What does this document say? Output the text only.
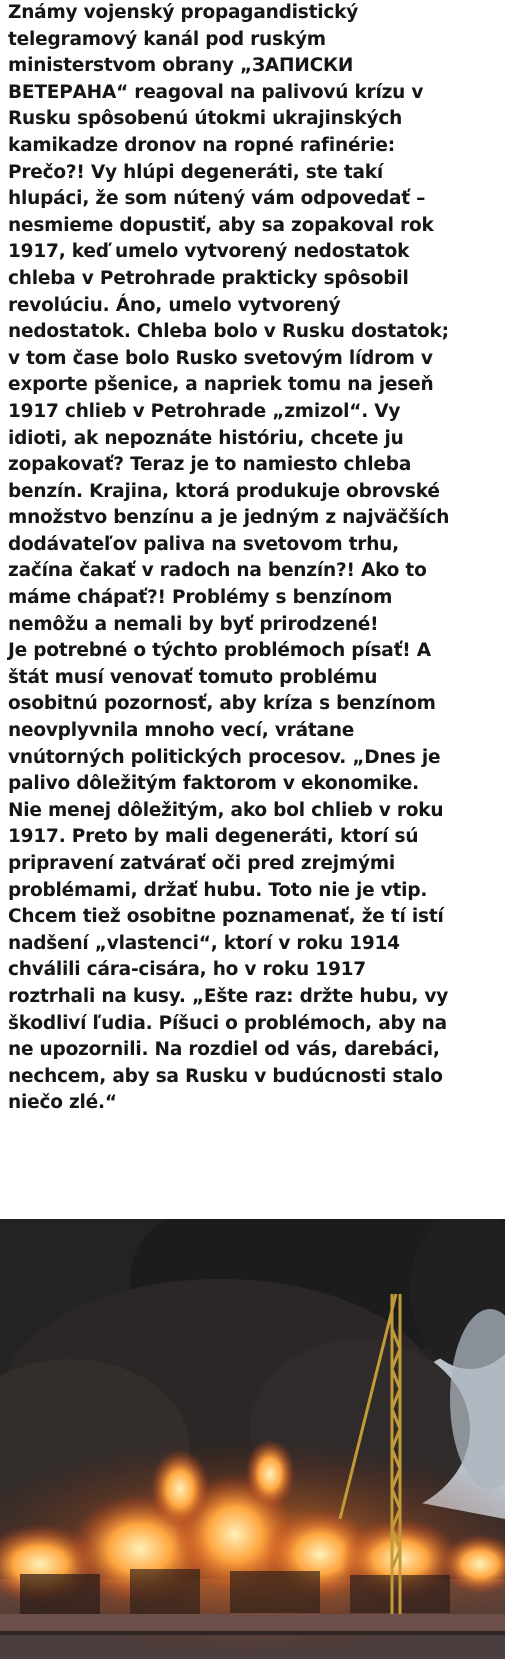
Známy vojenský propagandistický
telegramový kanál pod ruským
ministerstvom obrany „ЗАПИСКИ
ВЕТЕРАНА“ reagoval na palivovú krízu v
Rusku spôsobenú útokmi ukrajinských
kamikadze dronov na ropné rafinérie:
Prečo?! Vy hlúpi degeneráti, ste takí
hlupáci, že som nútený vám odpovedať –
nesmieme dopustiť, aby sa zopakoval rok
1917, keď umelo vytvorený nedostatok
chleba v Petrohrade prakticky spôsobil
revolúciu. Áno, umelo vytvorený
nedostatok. Chleba bolo v Rusku dostatok;
v tom čase bolo Rusko svetovým lídrom v
exporte pšenice, a napriek tomu na jeseň
1917 chlieb v Petrohrade „zmizol“. Vy
idioti, ak nepoznáte históriu, chcete ju
zopakovať? Teraz je to namiesto chleba
benzín. Krajina, ktorá produkuje obrovské
množstvo benzínu a je jedným z najväčších
dodávateľov paliva na svetovom trhu,
začína čakať v radoch na benzín?! Ako to
máme chápať?! Problémy s benzínom
nemôžu a nemali by byť prirodzené!
Je potrebné o týchto problémoch písať! A
štát musí venovať tomuto problému
osobitnú pozornosť, aby kríza s benzínom
neovplyvnila mnoho vecí, vrátane
vnútorných politických procesov. „Dnes je
palivo dôležitým faktorom v ekonomike.
Nie menej dôležitým, ako bol chlieb v roku
1917. Preto by mali degeneráti, ktorí sú
pripravení zatvárať oči pred zrejmými
problémami, držať hubu. Toto nie je vtip.
Chcem tiež osobitne poznamenať, že tí istí
nadšení „vlastenci“, ktorí v roku 1914
chválili cára-cisára, ho v roku 1917
roztrhali na kusy. „Ešte raz: držte hubu, vy
škodliví ľudia. Píšuci o problémoch, aby na
ne upozornili. Na rozdiel od vás, darebáci,
nechcem, aby sa Rusku v budúcnosti stalo
niečo zlé.“
